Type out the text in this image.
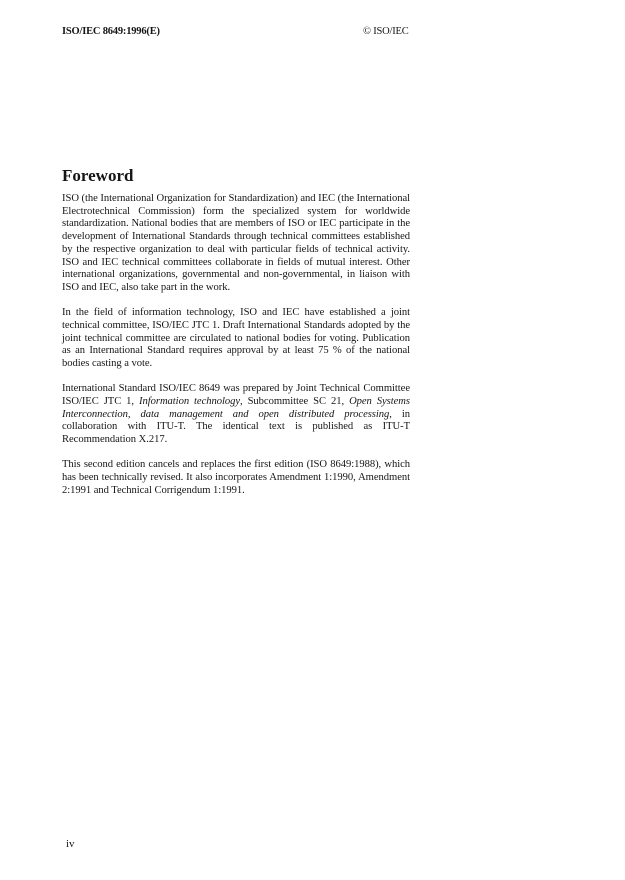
ISO/IEC 8649:1996(E)	© ISO/IEC
Foreword

ISO (the International Organization for Standardization) and IEC (the International Electrotechnical Commission) form the specialized system for worldwide standardization. National bodies that are members of ISO or IEC participate in the development of International Standards through technical committees established by the respective organization to deal with particular fields of technical activity. ISO and IEC technical committees collaborate in fields of mutual interest. Other international organizations, governmental and non-governmental, in liaison with ISO and IEC, also take part in the work.

In the field of information technology, ISO and IEC have established a joint technical committee, ISO/IEC JTC 1. Draft International Standards adopted by the joint technical committee are circulated to national bodies for voting. Publication as an International Standard requires approval by at least 75 % of the national bodies casting a vote.

International Standard ISO/IEC 8649 was prepared by Joint Technical Committee ISO/IEC JTC 1, Information technology, Subcommittee SC 21, Open Systems Interconnection, data management and open distributed processing, in collaboration with ITU-T. The identical text is published as ITU-T Recommendation X.217.

This second edition cancels and replaces the first edition (ISO 8649:1988), which has been technically revised. It also incorporates Amendment 1:1990, Amendment 2:1991 and Technical Corrigendum 1:1991.

iv
